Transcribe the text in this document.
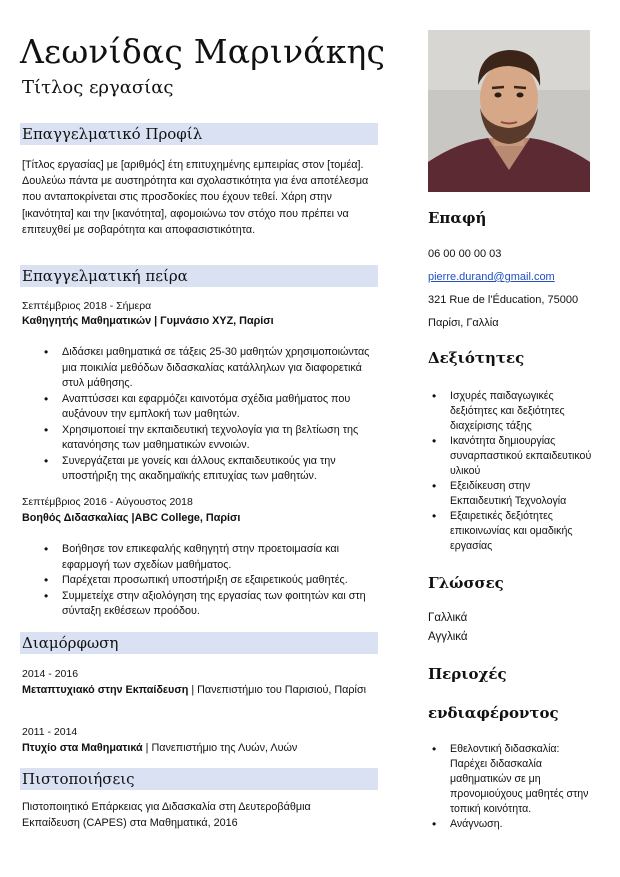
Λεωνίδας Μαρινάκης
Τίτλος εργασίας
Επαγγελματικό Προφίλ
[Τίτλος εργασίας] με [αριθμός] έτη επιτυχημένης εμπειρίας στον [τομέα]. Δουλεύω πάντα με αυστηρότητα και σχολαστικότητα για ένα αποτέλεσμα που ανταποκρίνεται στις προσδοκίες που έχουν τεθεί. Χάρη στην [ικανότητα] και την [ικανότητα], αφομοιώνω τον στόχο που πρέπει να επιτευχθεί με σοβαρότητα και αποφασιστικότητα.
Επαγγελματική πείρα
Σεπτέμβριος 2018 - Σήμερα
Καθηγητής Μαθηματικών | Γυμνάσιο XYZ, Παρίσι
• Διδάσκει μαθηματικά σε τάξεις 25-30 μαθητών χρησιμοποιώντας μια ποικιλία μεθόδων διδασκαλίας κατάλληλων για διαφορετικά στυλ μάθησης.
• Αναπτύσσει και εφαρμόζει καινοτόμα σχέδια μαθήματος που αυξάνουν την εμπλοκή των μαθητών.
• Χρησιμοποιεί την εκπαιδευτική τεχνολογία για τη βελτίωση της κατανόησης των μαθηματικών εννοιών.
• Συνεργάζεται με γονείς και άλλους εκπαιδευτικούς για την υποστήριξη της ακαδημαϊκής επιτυχίας των μαθητών.
Σεπτέμβριος 2016 - Αύγουστος 2018
Βοηθός Διδασκαλίας |ABC College, Παρίσι
• Βοήθησε τον επικεφαλής καθηγητή στην προετοιμασία και εφαρμογή των σχεδίων μαθήματος.
• Παρέχεται προσωπική υποστήριξη σε εξαιρετικούς μαθητές.
• Συμμετείχε στην αξιολόγηση της εργασίας των φοιτητών και στη σύνταξη εκθέσεων προόδου.
Διαμόρφωση
2014 - 2016
Μεταπτυχιακό στην Εκπαίδευση | Πανεπιστήμιο του Παρισιού, Παρίσι
2011 - 2014
Πτυχίο στα Μαθηματικά | Πανεπιστήμιο της Λυών, Λυών
Πιστοποιήσεις
Πιστοποιητικό Επάρκειας για Διδασκαλία στη Δευτεροβάθμια Εκπαίδευση (CAPES) στα Μαθηματικά, 2016
Επαφή
06 00 00 00 03
pierre.durand@gmail.com
321 Rue de l'Éducation, 75000
Παρίσι, Γαλλία
Δεξιότητες
• Ισχυρές παιδαγωγικές δεξιότητες και δεξιότητες διαχείρισης τάξης
• Ικανότητα δημιουργίας συναρπαστικού εκπαιδευτικού υλικού
• Εξειδίκευση στην Εκπαιδευτική Τεχνολογία
• Εξαιρετικές δεξιότητες επικοινωνίας και ομαδικής εργασίας
Γλώσσες
Γαλλικά
Αγγλικά
Περιοχές
ενδιαφέροντος
• Εθελοντική διδασκαλία: Παρέχει διδασκαλία μαθηματικών σε μη προνομιούχους μαθητές στην τοπική κοινότητα.
• Ανάγνωση.
